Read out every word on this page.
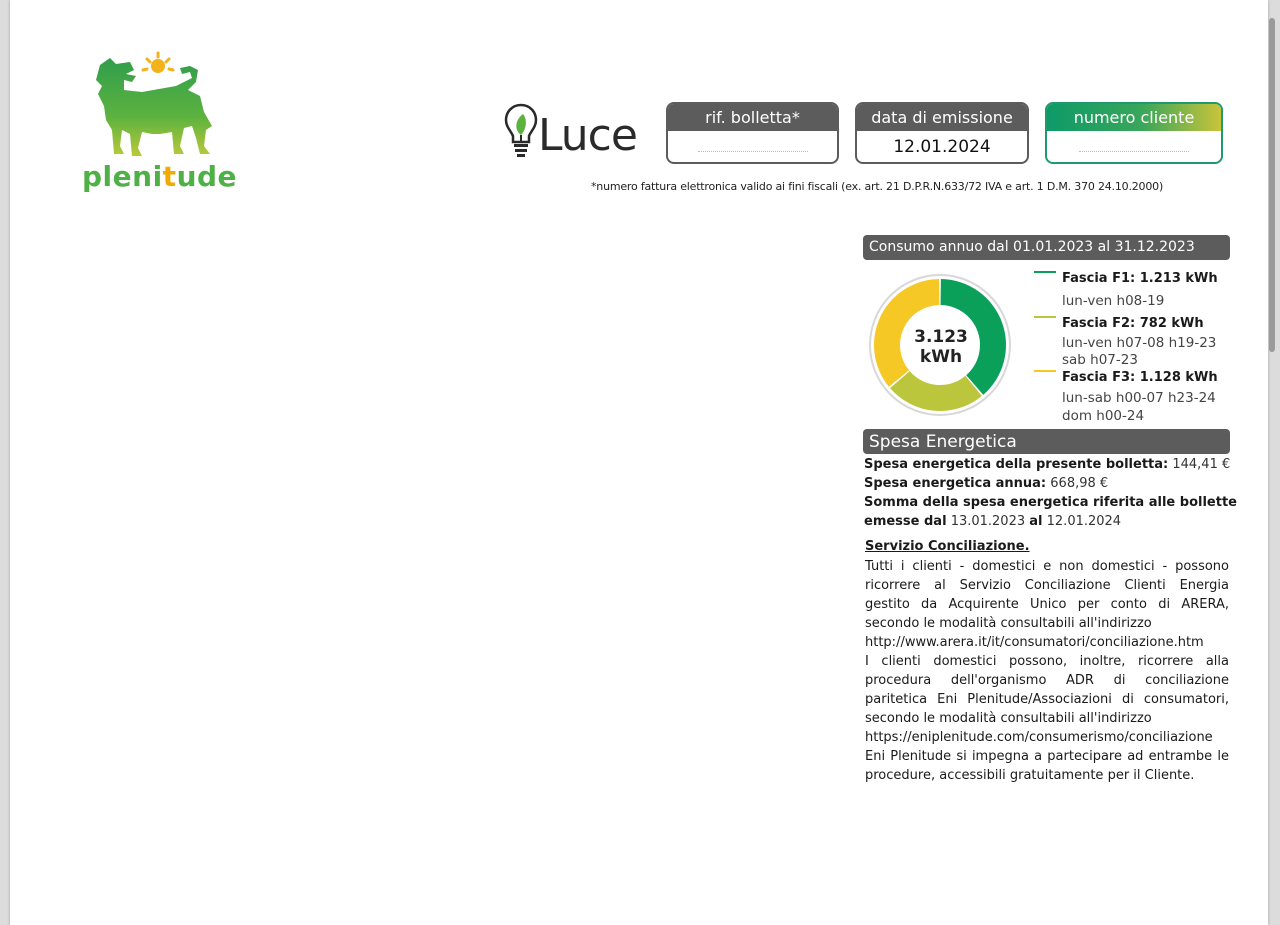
plenitude
Luce	rif. bolletta*	data di emissione
12.01.2024
numero cliente
*numero fattura elettronica valido ai fini fiscali (ex. art. 21 D.P.R.N.633/72 IVA e art. 1 D.M. 370 24.10.2000)
Consumo annuo dal 01.01.2023 al 31.12.2023
3.123
kWh
Fascia F1: 1.213 kWh
lun-ven h08-19
Fascia F2: 782 kWh
lun-ven h07-08 h19-23
sab h07-23
Fascia F3: 1.128 kWh
lun-sab h00-07 h23-24
dom h00-24
Spesa Energetica
Spesa energetica della presente bolletta: 144,41 €
Spesa energetica annua: 668,98 €
Somma della spesa energetica riferita alle bollette
emesse dal 13.01.2023 al 12.01.2024
Servizio Conciliazione.

Tutti i clienti - domestici e non domestici - possono ricorrere al Servizio Conciliazione Clienti Energia gestito da Acquirente Unico per conto di ARERA, secondo le modalità consultabili all'indirizzo

http://www.arera.it/it/consumatori/conciliazione.htm

I clienti domestici possono, inoltre, ricorrere alla procedura dell'organismo ADR di conciliazione paritetica Eni Plenitude/Associazioni di consumatori, secondo le modalità consultabili all'indirizzo

https://eniplenitude.com/consumerismo/conciliazione

Eni Plenitude si impegna a partecipare ad entrambe le procedure, accessibili gratuitamente per il Cliente.
